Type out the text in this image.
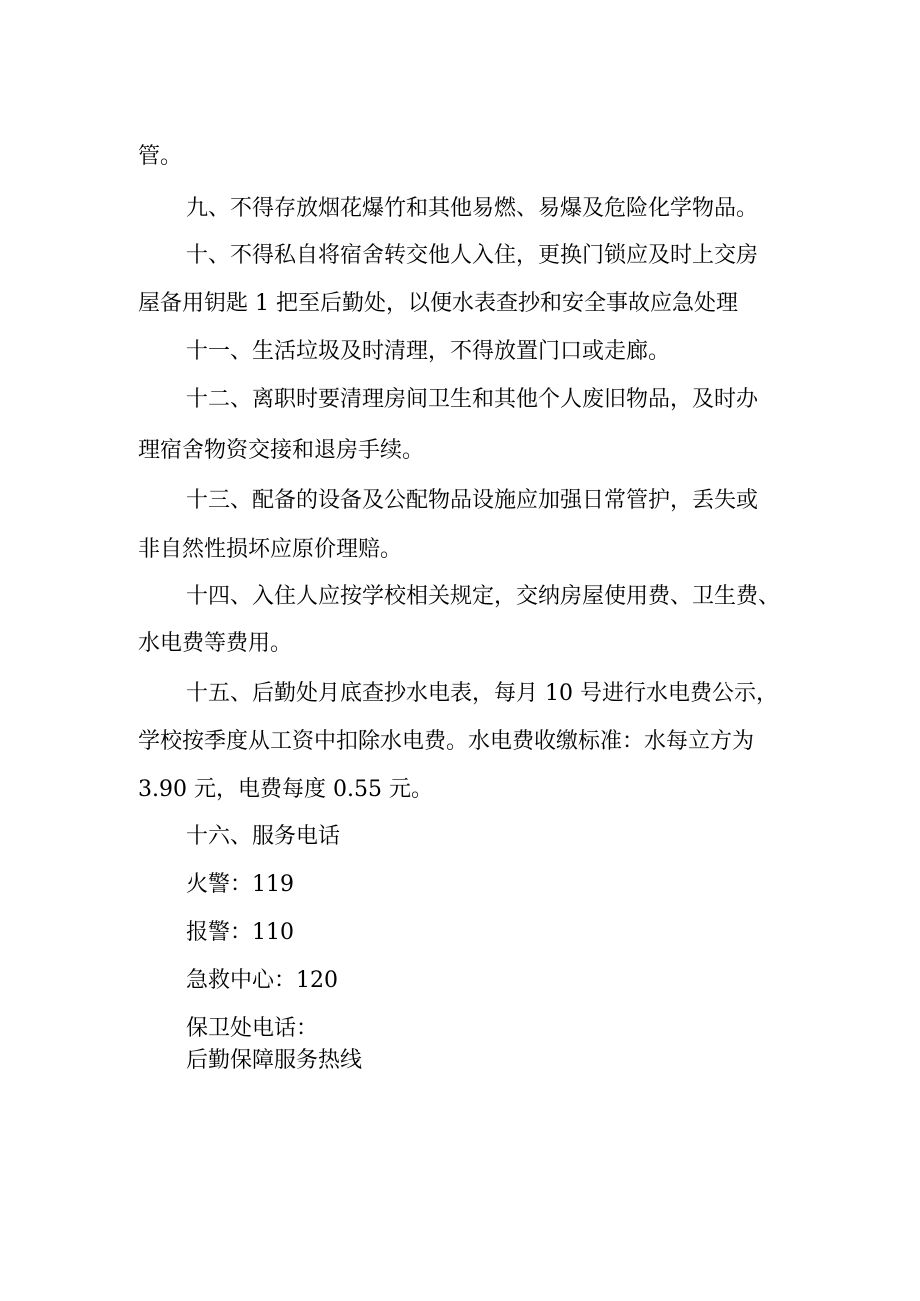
管。
九、不得存放烟花爆竹和其他易燃、易爆及危险化学物品。
十、不得私自将宿舍转交他人入住，更换门锁应及时上交房
屋备用钥匙 1 把至后勤处，以便水表查抄和安全事故应急处理
十一、生活垃圾及时清理，不得放置门口或走廊。
十二、离职时要清理房间卫生和其他个人废旧物品，及时办
理宿舍物资交接和退房手续。
十三、配备的设备及公配物品设施应加强日常管护，丢失或
非自然性损坏应原价理赔。
十四、入住人应按学校相关规定，交纳房屋使用费、卫生费、
水电费等费用。
十五、后勤处月底查抄水电表，每月 10 号进行水电费公示，
学校按季度从工资中扣除水电费。水电费收缴标准：水每立方为
3.90 元，电费每度 0.55 元。
十六、服务电话
火警：119
报警：110
急救中心：120
保卫处电话：
后勤保障服务热线
